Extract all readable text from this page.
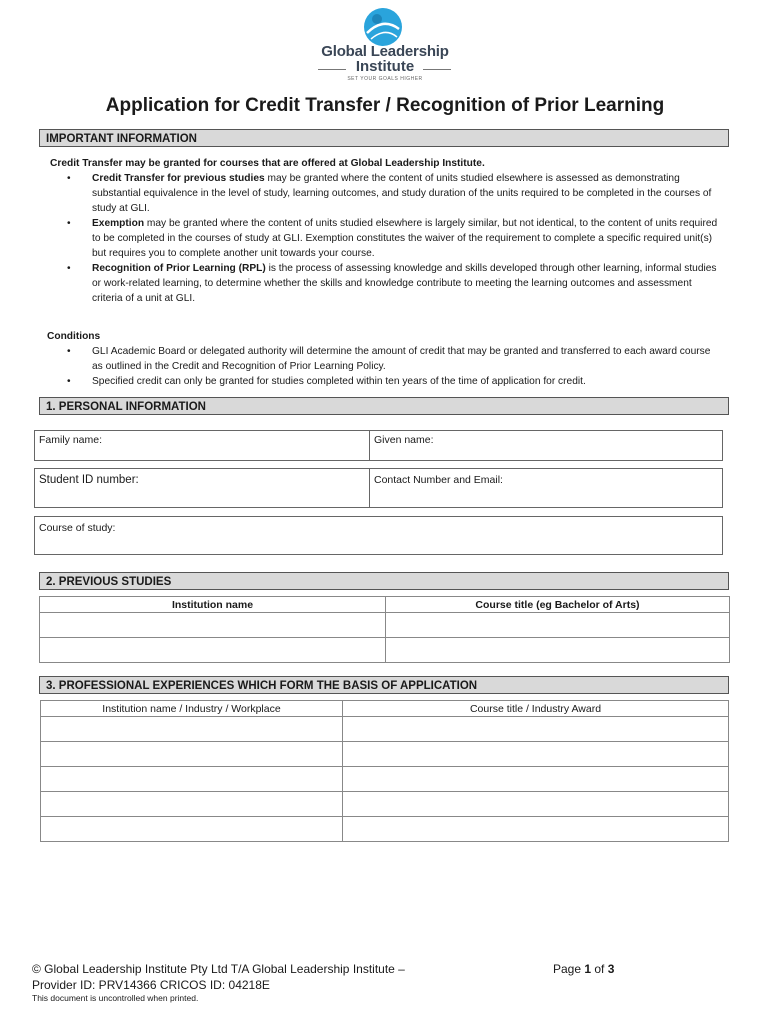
Global Leadership
Institute
SET YOUR GOALS HIGHER
Application for Credit Transfer / Recognition of Prior Learning
IMPORTANT INFORMATION
Credit Transfer may be granted for courses that are offered at Global Leadership Institute.
• Credit Transfer for previous studies may be granted where the content of units studied elsewhere is assessed as demonstrating substantial equivalence in the level of study, learning outcomes, and study duration of the units required to be completed in the courses of study at GLI.
• Exemption may be granted where the content of units studied elsewhere is largely similar, but not identical, to the content of units required to be completed in the courses of study at GLI. Exemption constitutes the waiver of the requirement to complete a specific required unit(s) but requires you to complete another unit towards your course.
• Recognition of Prior Learning (RPL) is the process of assessing knowledge and skills developed through other learning, informal studies or work-related learning, to determine whether the skills and knowledge contribute to meeting the learning outcomes and assessment criteria of a unit at GLI.
Conditions
• GLI Academic Board or delegated authority will determine the amount of credit that may be granted and transferred to each award course as outlined in the Credit and Recognition of Prior Learning Policy.
• Specified credit can only be granted for studies completed within ten years of the time of application for credit.
1. PERSONAL INFORMATION
Family name:	Given name:
Student ID number:	Contact Number and Email:
Course of study:
2. PREVIOUS STUDIES
Institution name	Course title (eg Bachelor of Arts)

3. PROFESSIONAL EXPERIENCES WHICH FORM THE BASIS OF APPLICATION
Institution name / Industry / Workplace	Course title / Industry Award

© Global Leadership Institute Pty Ltd T/A Global Leadership Institute –
Provider ID: PRV14366 CRICOS ID: 04218E
Page 1 of 3
This document is uncontrolled when printed.
